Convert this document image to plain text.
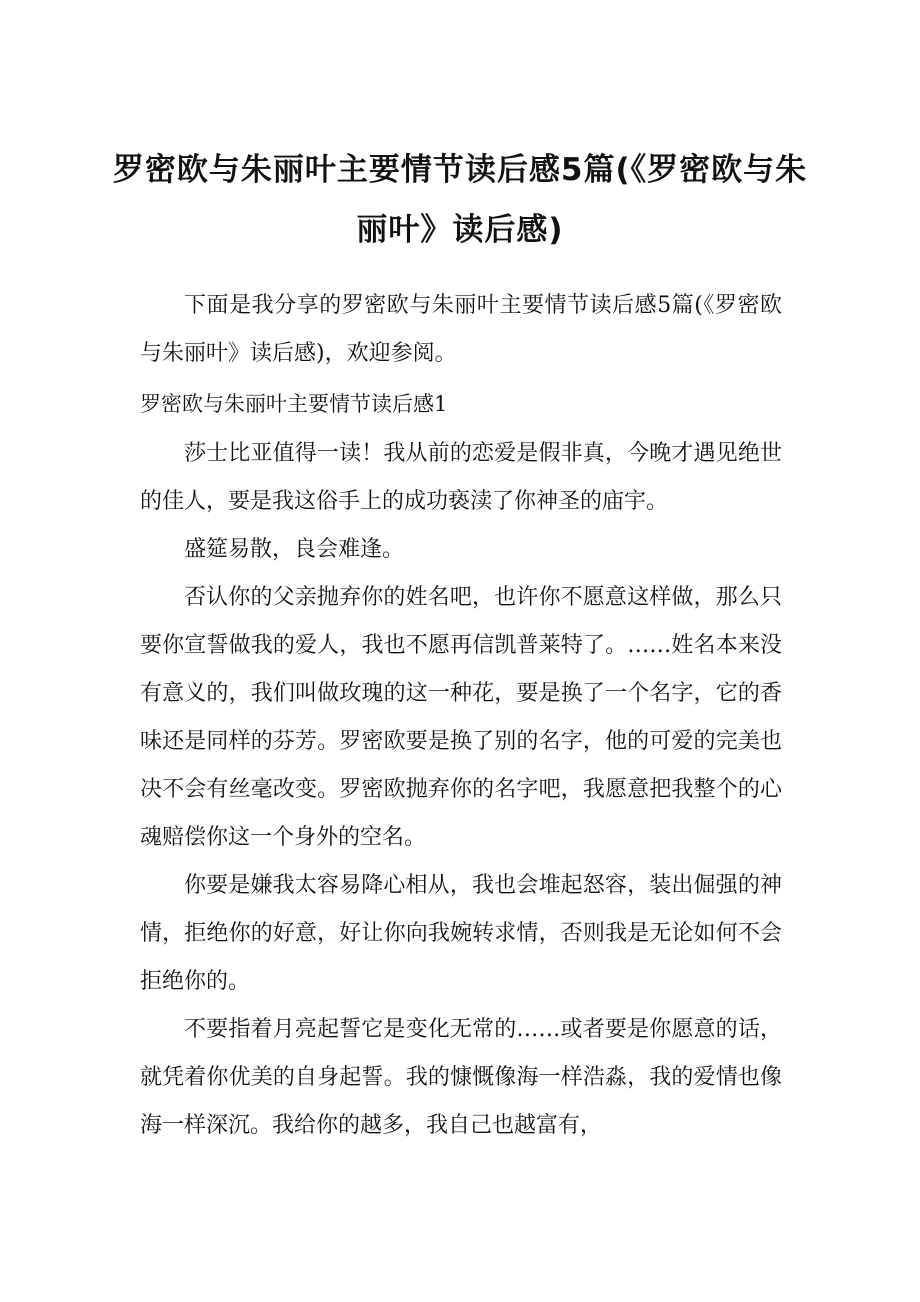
罗密欧与朱丽叶主要情节读后感5篇(《罗密欧与朱丽叶》读后感)

下面是我分享的罗密欧与朱丽叶主要情节读后感5篇(《罗密欧与朱丽叶》读后感)，欢迎参阅。

罗密欧与朱丽叶主要情节读后感1

莎士比亚值得一读！我从前的恋爱是假非真，今晚才遇见绝世的佳人，要是我这俗手上的成功亵渎了你神圣的庙宇。

盛筵易散，良会难逢。

否认你的父亲抛弃你的姓名吧，也许你不愿意这样做，那么只要你宣誓做我的爱人，我也不愿再信凯普莱特了。……姓名本来没有意义的，我们叫做玫瑰的这一种花，要是换了一个名字，它的香味还是同样的芬芳。罗密欧要是换了别的名字，他的可爱的完美也决不会有丝毫改变。罗密欧抛弃你的名字吧，我愿意把我整个的心魂赔偿你这一个身外的空名。

你要是嫌我太容易降心相从，我也会堆起怒容，装出倔强的神情，拒绝你的好意，好让你向我婉转求情，否则我是无论如何不会拒绝你的。

不要指着月亮起誓它是变化无常的……或者要是你愿意的话，就凭着你优美的自身起誓。我的慷慨像海一样浩淼，我的爱情也像海一样深沉。我给你的越多，我自己也越富有，
